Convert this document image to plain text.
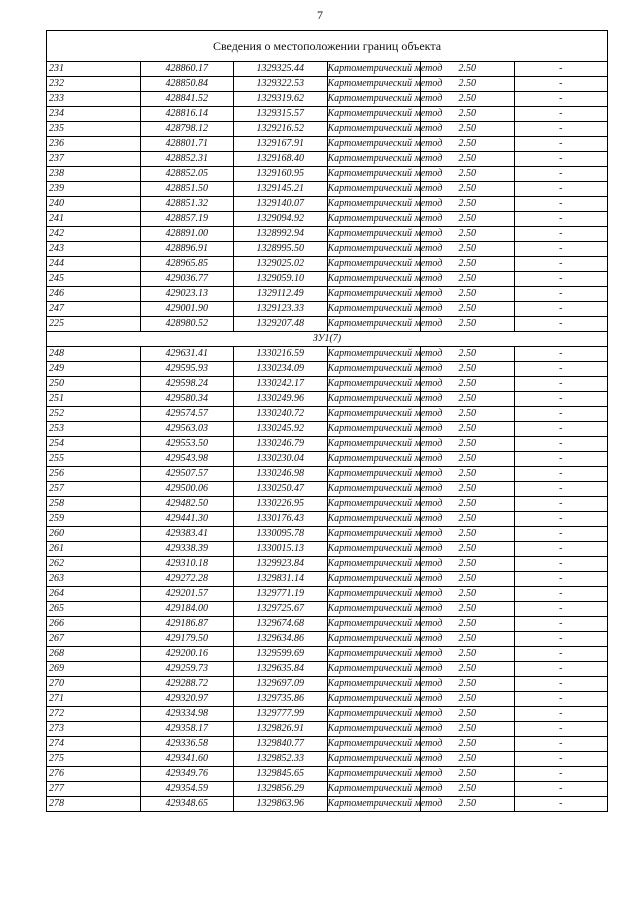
7
Сведения о местоположении границ объекта					
231	428860.17	1329325.44	Картометрический метод	2.50	-
232	428850.84	1329322.53	Картометрический метод	2.50	-
233	428841.52	1329319.62	Картометрический метод	2.50	-
234	428816.14	1329315.57	Картометрический метод	2.50	-
235	428798.12	1329216.52	Картометрический метод	2.50	-
236	428801.71	1329167.91	Картометрический метод	2.50	-
237	428852.31	1329168.40	Картометрический метод	2.50	-
238	428852.05	1329160.95	Картометрический метод	2.50	-
239	428851.50	1329145.21	Картометрический метод	2.50	-
240	428851.32	1329140.07	Картометрический метод	2.50	-
241	428857.19	1329094.92	Картометрический метод	2.50	-
242	428891.00	1328992.94	Картометрический метод	2.50	-
243	428896.91	1328995.50	Картометрический метод	2.50	-
244	428965.85	1329025.02	Картометрический метод	2.50	-
245	429036.77	1329059.10	Картометрический метод	2.50	-
246	429023.13	1329112.49	Картометрический метод	2.50	-
247	429001.90	1329123.33	Картометрический метод	2.50	-
225	428980.52	1329207.48	Картометрический метод	2.50	-
ЗУ1(7)					
248	429631.41	1330216.59	Картометрический метод	2.50	-
249	429595.93	1330234.09	Картометрический метод	2.50	-
250	429598.24	1330242.17	Картометрический метод	2.50	-
251	429580.34	1330249.96	Картометрический метод	2.50	-
252	429574.57	1330240.72	Картометрический метод	2.50	-
253	429563.03	1330245.92	Картометрический метод	2.50	-
254	429553.50	1330246.79	Картометрический метод	2.50	-
255	429543.98	1330230.04	Картометрический метод	2.50	-
256	429507.57	1330246.98	Картометрический метод	2.50	-
257	429500.06	1330250.47	Картометрический метод	2.50	-
258	429482.50	1330226.95	Картометрический метод	2.50	-
259	429441.30	1330176.43	Картометрический метод	2.50	-
260	429383.41	1330095.78	Картометрический метод	2.50	-
261	429338.39	1330015.13	Картометрический метод	2.50	-
262	429310.18	1329923.84	Картометрический метод	2.50	-
263	429272.28	1329831.14	Картометрический метод	2.50	-
264	429201.57	1329771.19	Картометрический метод	2.50	-
265	429184.00	1329725.67	Картометрический метод	2.50	-
266	429186.87	1329674.68	Картометрический метод	2.50	-
267	429179.50	1329634.86	Картометрический метод	2.50	-
268	429200.16	1329599.69	Картометрический метод	2.50	-
269	429259.73	1329635.84	Картометрический метод	2.50	-
270	429288.72	1329697.09	Картометрический метод	2.50	-
271	429320.97	1329735.86	Картометрический метод	2.50	-
272	429334.98	1329777.99	Картометрический метод	2.50	-
273	429358.17	1329826.91	Картометрический метод	2.50	-
274	429336.58	1329840.77	Картометрический метод	2.50	-
275	429341.60	1329852.33	Картометрический метод	2.50	-
276	429349.76	1329845.65	Картометрический метод	2.50	-
277	429354.59	1329856.29	Картометрический метод	2.50	-
278	429348.65	1329863.96	Картометрический метод	2.50	-
